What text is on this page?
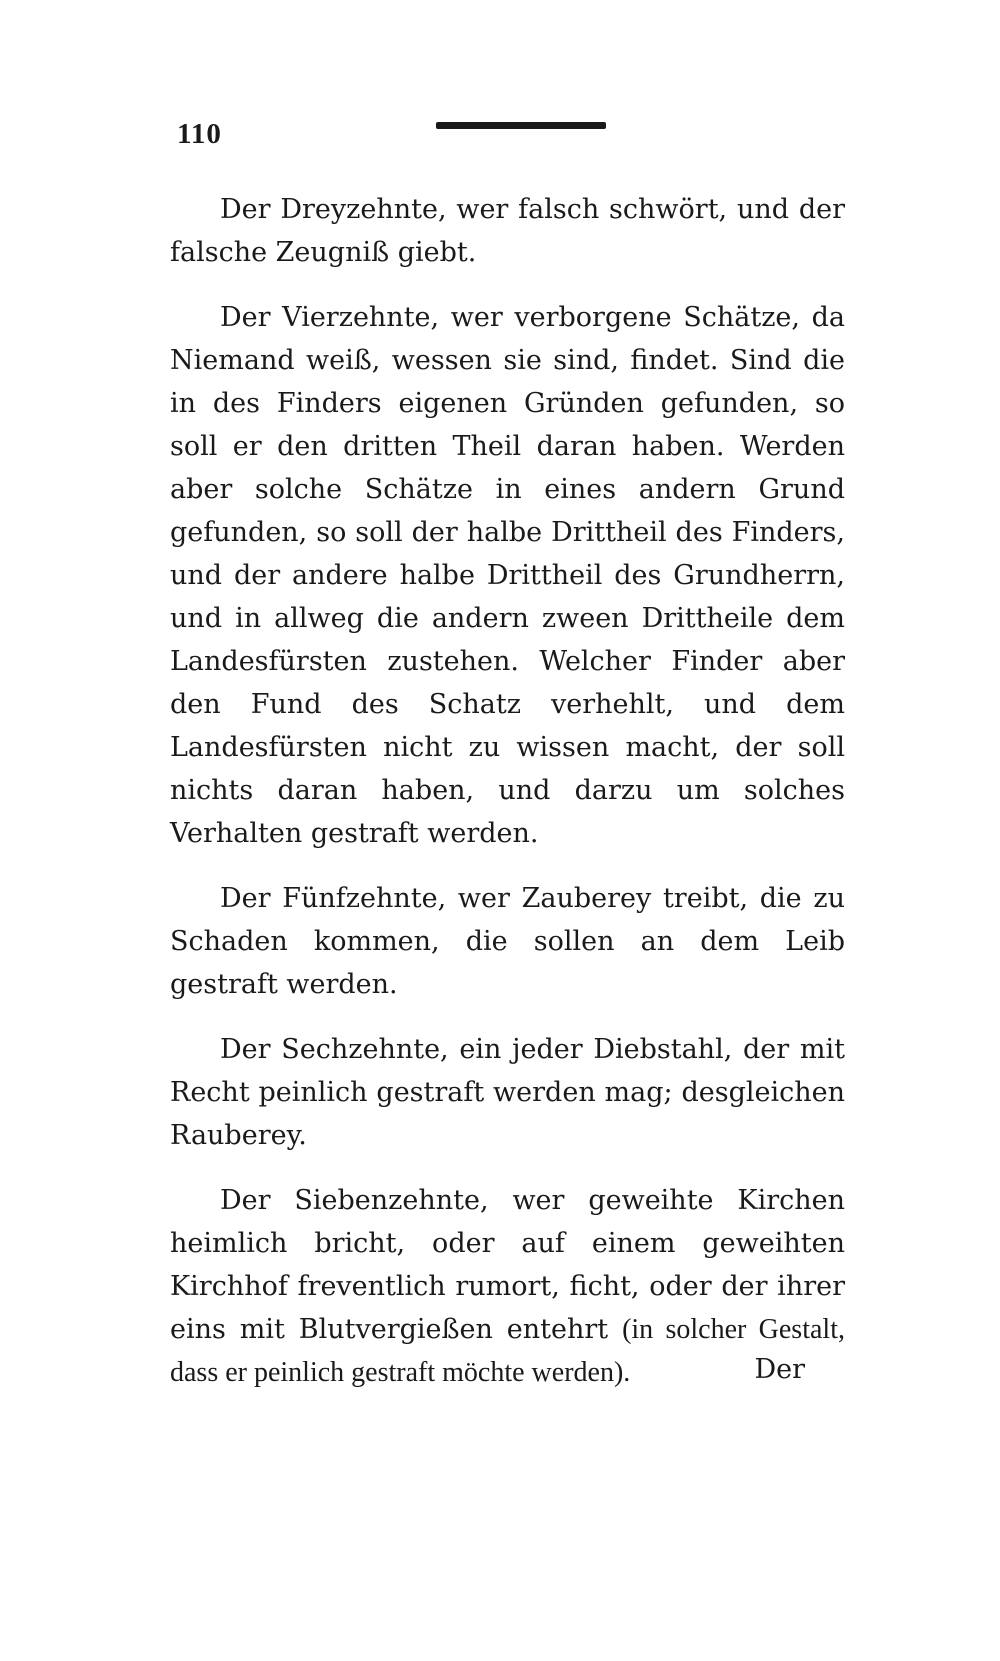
110

Der Dreyzehnte, wer falsch schwört, und der falsche Zeugniß giebt.

Der Vierzehnte, wer verborgene Schätze, da Niemand weiß, wessen sie sind, findet. Sind die in des Finders eigenen Gründen gefunden, so soll er den dritten Theil daran haben. Werden aber solche Schätze in eines andern Grund gefunden, so soll der halbe Drittheil des Finders, und der andere halbe Drittheil des Grundherrn, und in allweg die andern zween Drittheile dem Landesfürsten zustehen. Welcher Finder aber den Fund des Schatz verhehlt, und dem Landesfürsten nicht zu wissen macht, der soll nichts daran haben, und darzu um solches Verhalten gestraft werden.

Der Fünfzehnte, wer Zauberey treibt, die zu Schaden kommen, die sollen an dem Leib gestraft werden.

Der Sechzehnte, ein jeder Diebstahl, der mit Recht peinlich gestraft werden mag; desgleichen Rauberey.

Der Siebenzehnte, wer geweihte Kirchen heimlich bricht, oder auf einem geweihten Kirchhof freventlich rumort, ficht, oder der ihrer eins mit Blutvergießen entehrt (in solcher Gestalt, dass er peinlich gestraft möchte werden).	Der
